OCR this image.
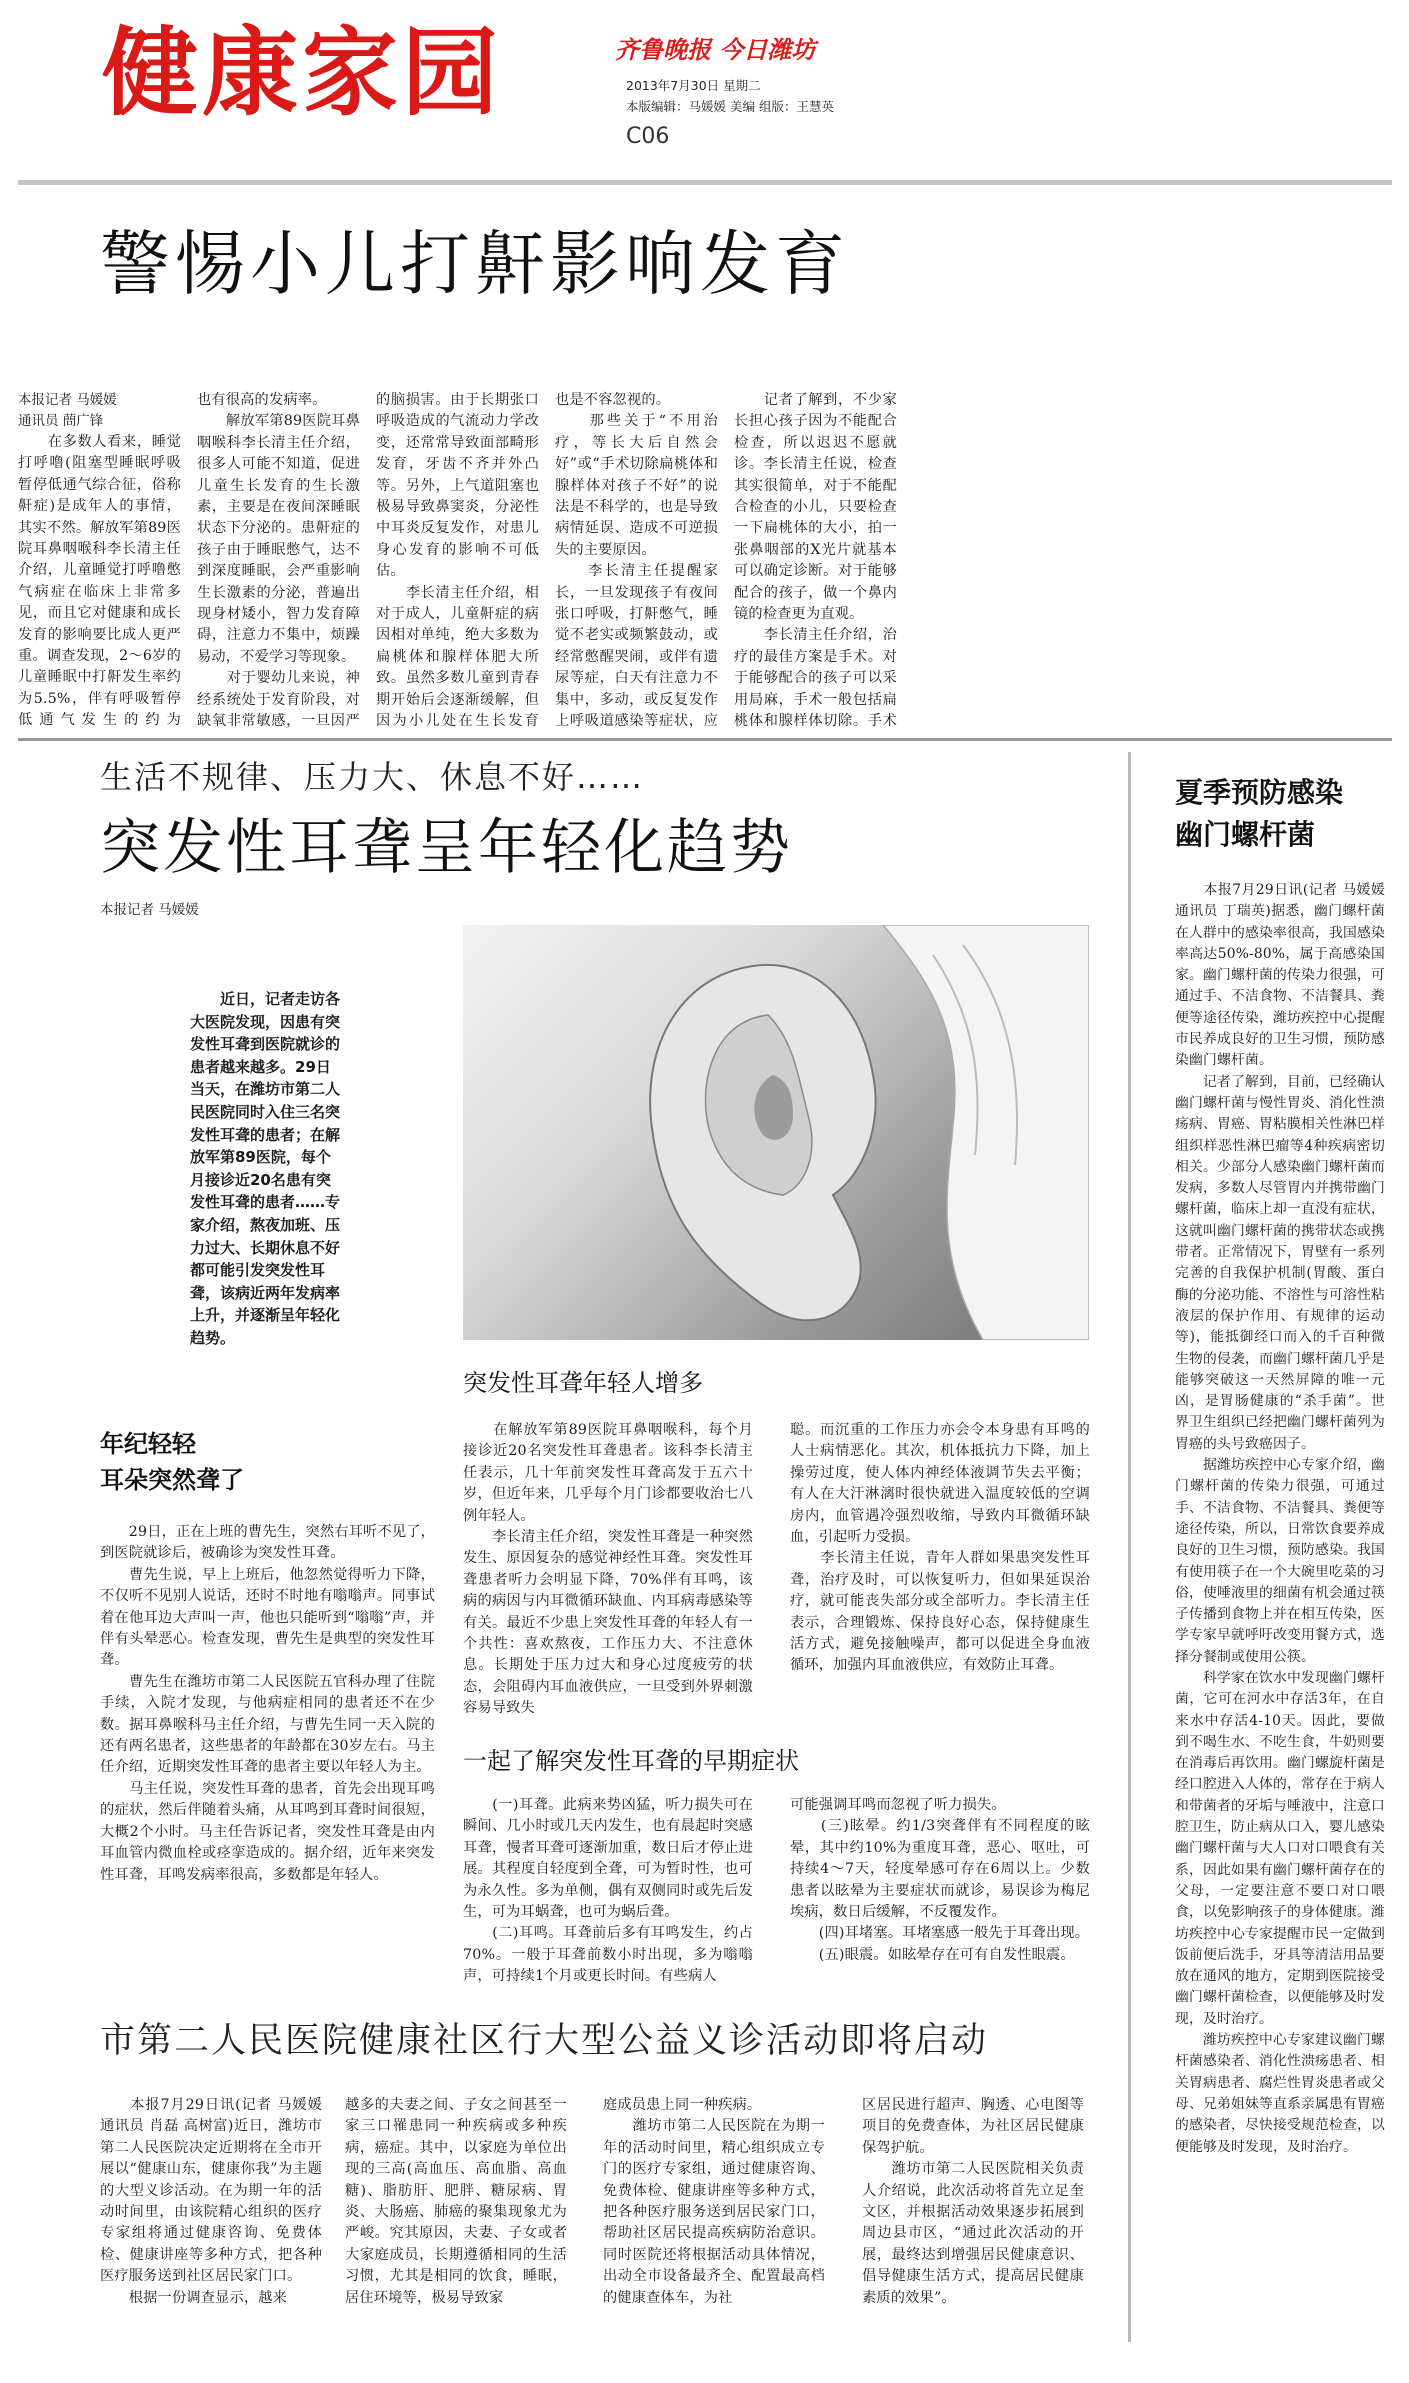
健康家园	齐鲁晚报 今日潍坊
2013年7月30日 星期二
本版编辑：马媛媛 美编 组版：王慧英
C06
警惕小儿打鼾影响发育
本报记者 马媛媛
通讯员 蔄广锋
　　在多数人看来，睡觉打呼噜(阻塞型睡眠呼吸暂停低通气综合征，俗称鼾症)是成年人的事情，其实不然。解放军第89医院耳鼻咽喉科李长清主任介绍，儿童睡觉打呼噜憋气病症在临床上非常多见，而且它对健康和成长发育的影响要比成人更严重。调查发现，2～6岁的儿童睡眠中打鼾发生率约为5.5%，伴有呼吸暂停低通气发生的约为
也有很高的发病率。
　　解放军第89医院耳鼻咽喉科李长清主任介绍，很多人可能不知道，促进儿童生长发育的生长激素，主要是在夜间深睡眠状态下分泌的。患鼾症的孩子由于睡眠憋气，达不到深度睡眠，会严重影响生长激素的分泌，普遍出现身材矮小，智力发育障碍，注意力不集中，烦躁易动，不爱学习等现象。
　　对于婴幼儿来说，神经系统处于发育阶段，对缺氧非常敏感，一旦因严
的脑损害。由于长期张口呼吸造成的气流动力学改变，还常常导致面部畸形发育，牙齿不齐并外凸等。另外，上气道阻塞也极易导致鼻窦炎，分泌性中耳炎反复发作，对患儿身心发育的影响不可低估。
　　李长清主任介绍，相对于成人，儿童鼾症的病因相对单纯，绝大多数为扁桃体和腺样体肥大所致。虽然多数儿童到青春期开始后会逐渐缓解，但因为小儿处在生长发育
也是不容忽视的。
　　那些关于“不用治疗，等长大后自然会好”或“手术切除扁桃体和腺样体对孩子不好”的说法是不科学的，也是导致病情延误、造成不可逆损失的主要原因。
　　李长清主任提醒家长，一旦发现孩子有夜间张口呼吸，打鼾憋气，睡觉不老实或频繁鼓动，或经常憋醒哭闹，或伴有遗尿等症，白天有注意力不集中，多动，或反复发作上呼吸道感染等症状，应
　　记者了解到，不少家长担心孩子因为不能配合检查，所以迟迟不愿就诊。李长清主任说，检查其实很简单，对于不能配合检查的小儿，只要检查一下扁桃体的大小，拍一张鼻咽部的X光片就基本可以确定诊断。对于能够配合的孩子，做一个鼻内镜的检查更为直观。
　　李长清主任介绍，治疗的最佳方案是手术。对于能够配合的孩子可以采用局麻，手术一般包括扁桃体和腺样体切除。手术
生活不规律、压力大、休息不好……
突发性耳聋呈年轻化趋势
本报记者 马媛媛
　　近日，记者走访各大医院发现，因患有突发性耳聋到医院就诊的患者越来越多。29日当天，在潍坊市第二人民医院同时入住三名突发性耳聋的患者；在解放军第89医院，每个月接诊近20名患有突发性耳聋的患者……专家介绍，熬夜加班、压力过大、长期休息不好都可能引发突发性耳聋，该病近两年发病率上升，并逐渐呈年轻化趋势。
年纪轻轻
耳朵突然聋了
　　29日，正在上班的曹先生，突然右耳听不见了，到医院就诊后，被确诊为突发性耳聋。
　　曹先生说，早上上班后，他忽然觉得听力下降，不仅听不见别人说话，还时不时地有嗡嗡声。同事试着在他耳边大声叫一声，他也只能听到“嗡嗡”声，并伴有头晕恶心。检查发现，曹先生是典型的突发性耳聋。
　　曹先生在潍坊市第二人民医院五官科办理了住院手续，入院才发现，与他病症相同的患者还不在少数。据耳鼻喉科马主任介绍，与曹先生同一天入院的还有两名患者，这些患者的年龄都在30岁左右。马主任介绍，近期突发性耳聋的患者主要以年轻人为主。
　　马主任说，突发性耳聋的患者，首先会出现耳鸣的症状，然后伴随着头痛，从耳鸣到耳聋时间很短，大概2个小时。马主任告诉记者，突发性耳聋是由内耳血管内微血栓或痉挛造成的。据介绍，近年来突发性耳聋，耳鸣发病率很高，多数都是年轻人。
突发性耳聋年轻人增多
　　在解放军第89医院耳鼻咽喉科，每个月接诊近20名突发性耳聋患者。该科李长清主任表示，几十年前突发性耳聋高发于五六十岁，但近年来，几乎每个月门诊都要收治七八例年轻人。
　　李长清主任介绍，突发性耳聋是一种突然发生、原因复杂的感觉神经性耳聋。突发性耳聋患者听力会明显下降，70%伴有耳鸣，该病的病因与内耳微循环缺血、内耳病毒感染等有关。最近不少患上突发性耳聋的年轻人有一个共性：喜欢熬夜，工作压力大、不注意休息。长期处于压力过大和身心过度疲劳的状态，会阻碍内耳血液供应，一旦受到外界刺激容易导致失
聪。而沉重的工作压力亦会令本身患有耳鸣的人士病情恶化。其次，机体抵抗力下降，加上操劳过度，使人体内神经体液调节失去平衡；有人在大汗淋漓时很快就进入温度较低的空调房内，血管遇冷强烈收缩，导致内耳微循环缺血，引起听力受损。
　　李长清主任说，青年人群如果患突发性耳聋，治疗及时，可以恢复听力，但如果延误治疗，就可能丧失部分或全部听力。李长清主任表示，合理锻炼、保持良好心态，保持健康生活方式，避免接触噪声，都可以促进全身血液循环，加强内耳血液供应，有效防止耳聋。
一起了解突发性耳聋的早期症状
　　(一)耳聋。此病来势凶猛，听力损失可在瞬间、几小时或几天内发生，也有晨起时突感耳聋，慢者耳聋可逐渐加重，数日后才停止进展。其程度自轻度到全聋，可为暂时性，也可为永久性。多为单侧，偶有双侧同时或先后发生，可为耳蜗聋，也可为蜗后聋。
　　(二)耳鸣。耳聋前后多有耳鸣发生，约占70%。一般于耳聋前数小时出现，多为嗡嗡声，可持续1个月或更长时间。有些病人
可能强调耳鸣而忽视了听力损失。
　　(三)眩晕。约1/3突聋伴有不同程度的眩晕，其中约10%为重度耳聋，恶心、呕吐，可持续4～7天，轻度晕感可存在6周以上。少数患者以眩晕为主要症状而就诊，易误诊为梅尼埃病，数日后缓解，不反覆发作。
　　(四)耳堵塞。耳堵塞感一般先于耳聋出现。
　　(五)眼震。如眩晕存在可有自发性眼震。
夏季预防感染
幽门螺杆菌
　　本报7月29日讯(记者 马媛媛 通讯员 丁瑞英)据悉，幽门螺杆菌在人群中的感染率很高，我国感染率高达50%-80%，属于高感染国家。幽门螺杆菌的传染力很强，可通过手、不洁食物、不洁餐具、粪便等途径传染，潍坊疾控中心提醒市民养成良好的卫生习惯，预防感染幽门螺杆菌。
　　记者了解到，目前，已经确认幽门螺杆菌与慢性胃炎、消化性溃疡病、胃癌、胃粘膜相关性淋巴样组织样恶性淋巴瘤等4种疾病密切相关。少部分人感染幽门螺杆菌而发病，多数人尽管胃内并携带幽门螺杆菌，临床上却一直没有症状，这就叫幽门螺杆菌的携带状态或携带者。正常情况下，胃壁有一系列完善的自我保护机制(胃酸、蛋白酶的分泌功能、不溶性与可溶性粘液层的保护作用、有规律的运动等)，能抵御经口而入的千百种微生物的侵袭，而幽门螺杆菌几乎是能够突破这一天然屏障的唯一元凶，是胃肠健康的“杀手菌”。世界卫生组织已经把幽门螺杆菌列为胃癌的头号致癌因子。
　　据潍坊疾控中心专家介绍，幽门螺杆菌的传染力很强，可通过手、不洁食物、不洁餐具、粪便等途径传染，所以，日常饮食要养成良好的卫生习惯，预防感染。我国有使用筷子在一个大碗里吃菜的习俗，使唾液里的细菌有机会通过筷子传播到食物上并在相互传染，医学专家早就呼吁改变用餐方式，选择分餐制或使用公筷。
　　科学家在饮水中发现幽门螺杆菌，它可在河水中存活3年，在自来水中存活4-10天。因此，要做到不喝生水、不吃生食，牛奶则要在消毒后再饮用。幽门螺旋杆菌是经口腔进入人体的，常存在于病人和带菌者的牙垢与唾液中，注意口腔卫生，防止病从口入，婴儿感染幽门螺杆菌与大人口对口喂食有关系，因此如果有幽门螺杆菌存在的父母，一定要注意不要口对口喂食，以免影响孩子的身体健康。潍坊疾控中心专家提醒市民一定做到饭前便后洗手，牙具等清洁用品要放在通风的地方，定期到医院接受幽门螺杆菌检查，以便能够及时发现，及时治疗。
　　潍坊疾控中心专家建议幽门螺杆菌感染者、消化性溃疡患者、相关胃病患者、腐烂性胃炎患者或父母、兄弟姐妹等直系亲属患有胃癌的感染者，尽快接受规范检查，以便能够及时发现，及时治疗。
市第二人民医院健康社区行大型公益义诊活动即将启动
　　本报7月29日讯(记者 马媛媛 通讯员 肖磊 高树富)近日，潍坊市第二人民医院决定近期将在全市开展以“健康山东，健康你我”为主题的大型义诊活动。在为期一年的活动时间里，由该院精心组织的医疗专家组将通过健康咨询、免费体检、健康讲座等多种方式，把各种医疗服务送到社区居民家门口。
　　根据一份调查显示，越来
越多的夫妻之间、子女之间甚至一家三口罹患同一种疾病或多种疾病，癌症。其中，以家庭为单位出现的三高(高血压、高血脂、高血糖)、脂肪肝、肥胖、糖尿病、胃炎、大肠癌、肺癌的聚集现象尤为严峻。究其原因，夫妻、子女或者大家庭成员，长期遵循相同的生活习惯，尤其是相同的饮食，睡眠，居住环境等，极易导致家
庭成员患上同一种疾病。
　　潍坊市第二人民医院在为期一年的活动时间里，精心组织成立专门的医疗专家组，通过健康咨询、免费体检、健康讲座等多种方式，把各种医疗服务送到居民家门口，帮助社区居民提高疾病防治意识。同时医院还将根据活动具体情况，出动全市设备最齐全、配置最高档的健康查体车，为社
区居民进行超声、胸透、心电图等项目的免费查体，为社区居民健康保驾护航。
　　潍坊市第二人民医院相关负责人介绍说，此次活动将首先立足奎文区，并根据活动效果逐步拓展到周边县市区，“通过此次活动的开展，最终达到增强居民健康意识、倡导健康生活方式，提高居民健康素质的效果”。
